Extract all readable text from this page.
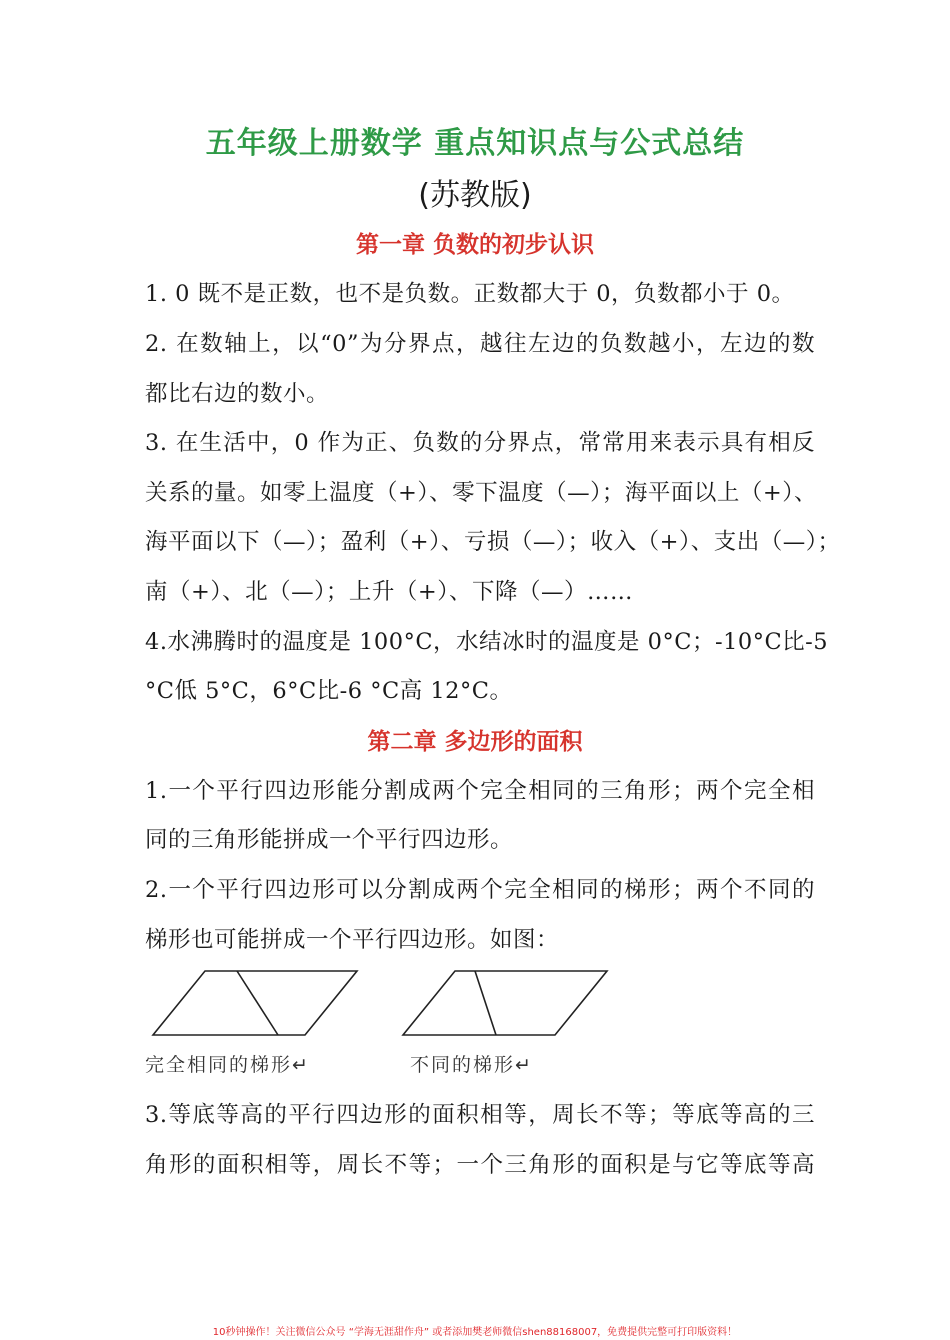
五年级上册数学 重点知识点与公式总结
(苏教版)
第一章 负数的初步认识
1. 0 既不是正数，也不是负数。正数都大于 0，负数都小于 0。
2. 在数轴上，以“0”为分界点，越往左边的负数越小，左边的数
都比右边的数小。
3. 在生活中，0 作为正、负数的分界点，常常用来表示具有相反
关系的量。如零上温度（+）、零下温度（—）；海平面以上（+）、
海平面以下（—）；盈利（+）、亏损（—）；收入（+）、支出（—）；
南（+）、北（—）；上升（+）、下降（—）……
4.水沸腾时的温度是 100°C，水结冰时的温度是 0°C；-10°C比-5
°C低 5°C，6°C比-6 °C高 12°C。
第二章 多边形的面积
1.一个平行四边形能分割成两个完全相同的三角形；两个完全相
同的三角形能拼成一个平行四边形。
2.一个平行四边形可以分割成两个完全相同的梯形；两个不同的
梯形也可能拼成一个平行四边形。如图：
完全相同的梯形↵	不同的梯形↵
3.等底等高的平行四边形的面积相等，周长不等；等底等高的三
角形的面积相等，周长不等；一个三角形的面积是与它等底等高
10秒钟操作！关注微信公众号 “学海无涯甜作舟” 或者添加樊老师微信shen88168007，免费提供完整可打印版资料！
